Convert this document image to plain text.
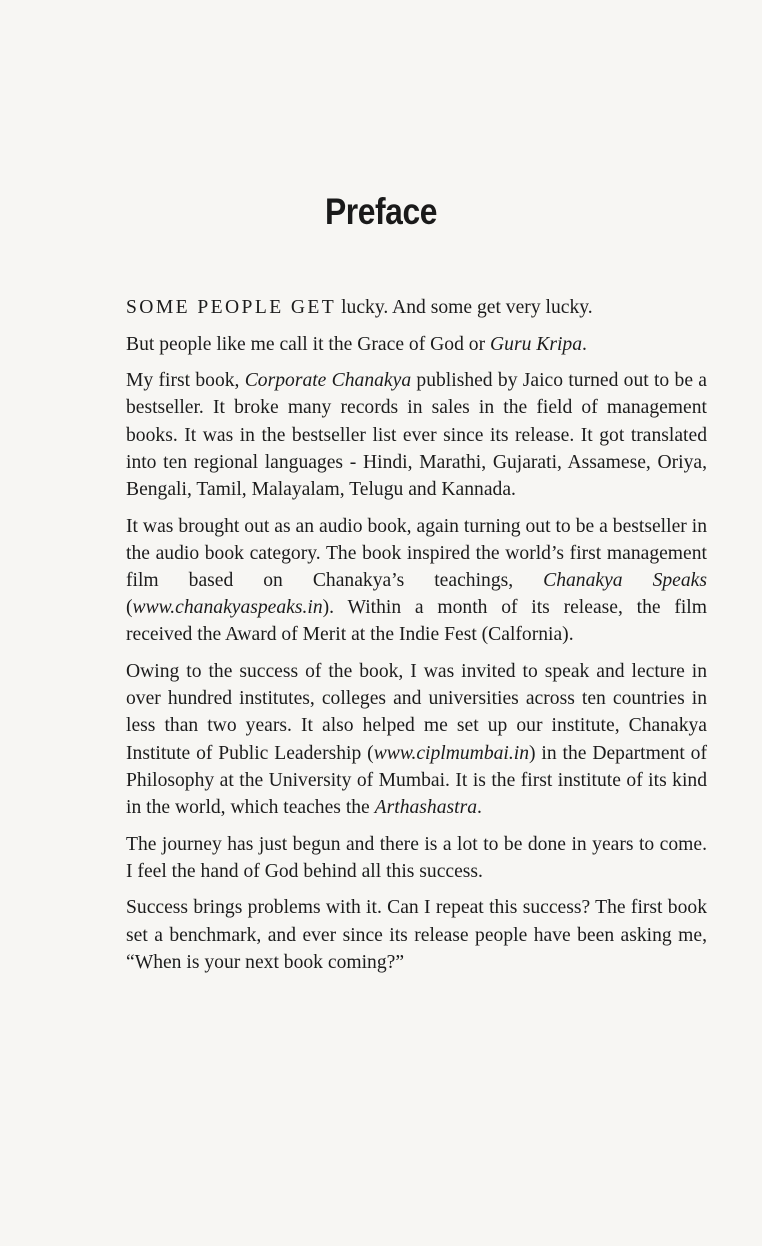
Preface

SOME PEOPLE GET lucky. And some get very lucky.

But people like me call it the Grace of God or Guru Kripa.

My first book, Corporate Chanakya published by Jaico turned out to be a bestseller. It broke many records in sales in the field of management books. It was in the bestseller list ever since its release. It got translated into ten regional languages - Hindi, Marathi, Gujarati, Assamese, Oriya, Bengali, Tamil, Malayalam, Telugu and Kannada.

It was brought out as an audio book, again turning out to be a bestseller in the audio book category. The book inspired the world’s first management film based on Chanakya’s teachings, Chanakya Speaks (www.chanakyaspeaks.in). Within a month of its release, the film received the Award of Merit at the Indie Fest (Calfornia).

Owing to the success of the book, I was invited to speak and lecture in over hundred institutes, colleges and universities across ten countries in less than two years. It also helped me set up our institute, Chanakya Institute of Public Leadership (www.ciplmumbai.in) in the Department of Philosophy at the University of Mumbai. It is the first institute of its kind in the world, which teaches the Arthashastra.

The journey has just begun and there is a lot to be done in years to come. I feel the hand of God behind all this success.

Success brings problems with it. Can I repeat this success? The first book set a benchmark, and ever since its release people have been asking me, “When is your next book coming?”
